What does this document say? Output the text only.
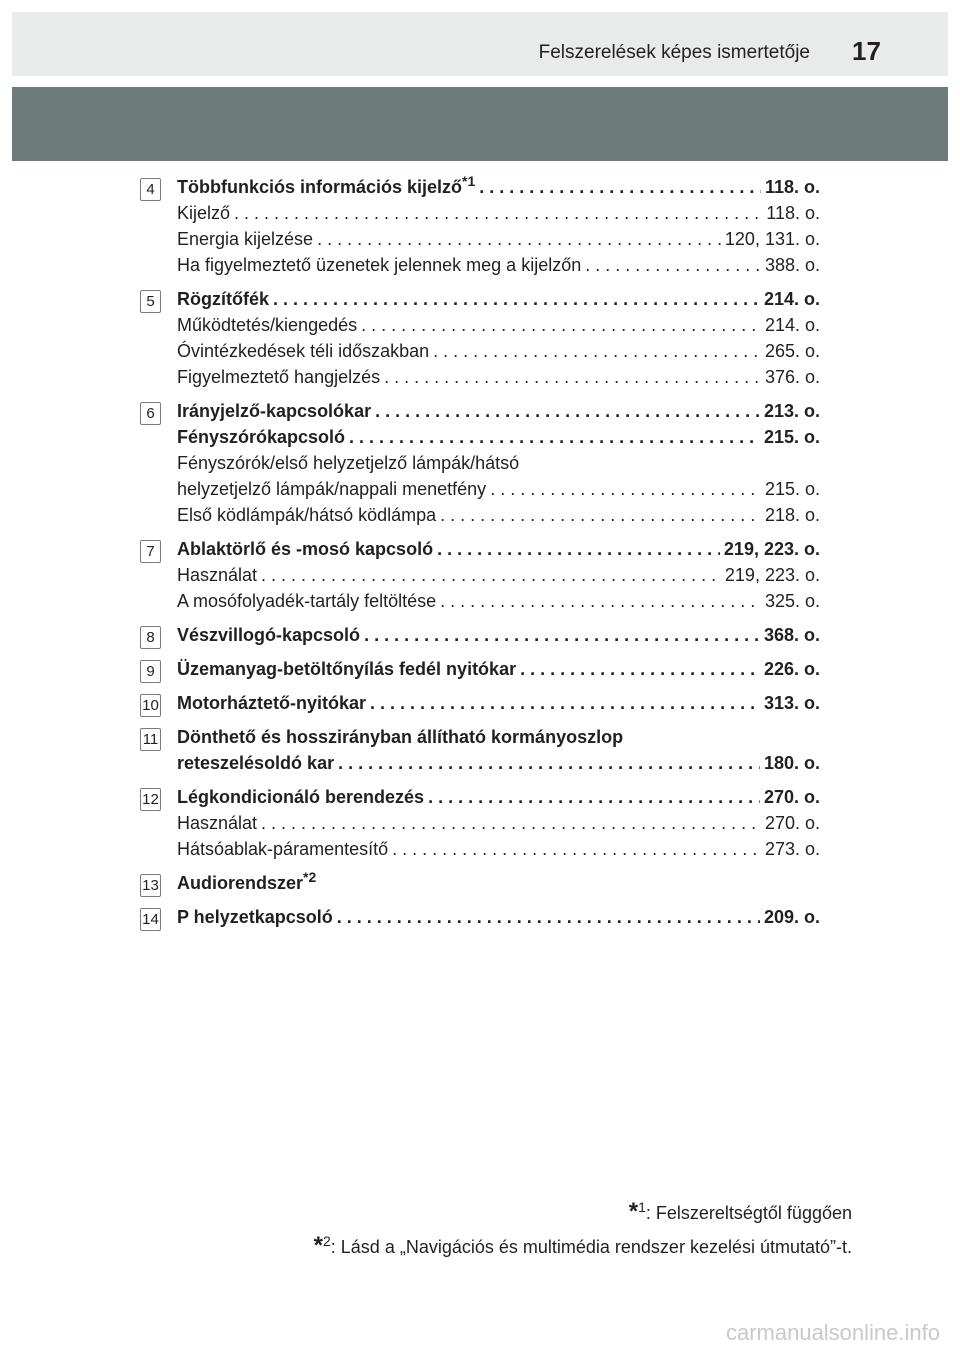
Felszerelések képes ismertetője 17
4	Többfunkciós információs kijelző$^{*1}$ . . .	118. o.
Kijelző . . .	118. o.
Energia kijelzése . . .	120, 131. o.
Ha figyelmeztető üzenetek jelennek meg a kijelzőn . . .	388. o.
5	Rögzítőfék . . .	214. o.
Működtetés/kiengedés . . .	214. o.
Óvintézkedések téli időszakban . . .	265. o.
Figyelmeztető hangjelzés . . .	376. o.
6	Irányjelző-kapcsolókar . . .	213. o.
Fényszórókapcsoló . . .	215. o.
Fényszórók/első helyzetjelző lámpák/hátsó
helyzetjelző lámpák/nappali menetfény . . .	215. o.
Első ködlámpák/hátsó ködlámpa . . .	218. o.
7	Ablaktörlő és -mosó kapcsoló . . .	219, 223. o.
Használat . . .	219, 223. o.
A mosófolyadék-tartály feltöltése . . .	325. o.
8	Vészvillogó-kapcsoló . . .	368. o.
9	Üzemanyag-betöltőnyílás fedél nyitókar . . .	226. o.
10 Motorháztető-nyitókar . . .	313. o.
11 Dönthető és hosszirányban állítható kormányoszlop
reteszelésoldó kar . . .	180. o.
12 Légkondicionáló berendezés . . .	270. o.
Használat . . .	270. o.
Hátsóablak-páramentesítő . . .	273. o.
13 Audiorendszer$^{*2}$
14 P helyzetkapcsoló . . .	209. o.
*$^1$: Felszereltségtől függően
*$^2$: Lásd a „Navigációs és multimédia rendszer kezelési útmutató”-t.
carmanualsonline.info
